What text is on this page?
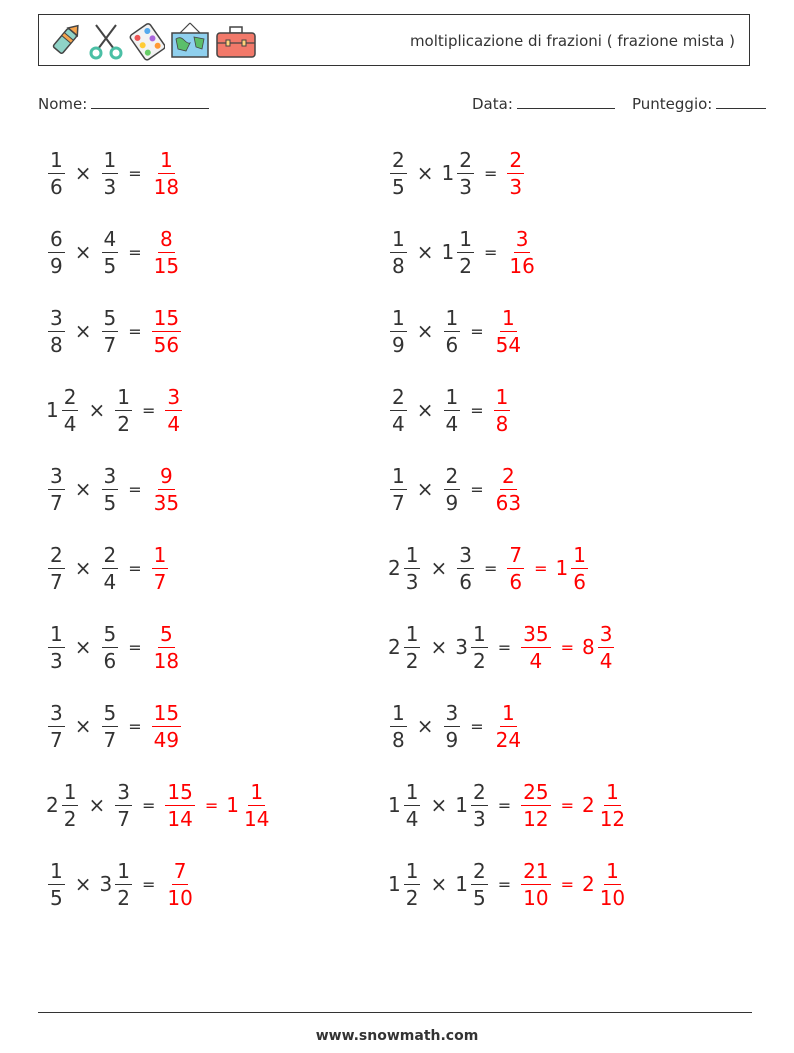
moltiplicazione di frazioni ( frazione mista )
Nome:	Data:	Punteggio:
$\frac{1}{6} \times \frac{1}{3} = \frac{1}{18}$	$\frac{2}{5} \times 1 \frac{2}{3} = \frac{2}{3}$
$\frac{6}{9} \times \frac{4}{5} = \frac{8}{15}$	$\frac{1}{8} \times 1 \frac{1}{2} = \frac{3}{16}$
$\frac{3}{8} \times \frac{5}{7} = \frac{15}{56}$	$\frac{1}{9} \times \frac{1}{6} = \frac{1}{54}$
$1 \frac{2}{4} \times \frac{1}{2} = \frac{3}{4}$	$\frac{2}{4} \times \frac{1}{4} = \frac{1}{8}$
$\frac{3}{7} \times \frac{3}{5} = \frac{9}{35}$	$\frac{1}{7} \times \frac{2}{9} = \frac{2}{63}$
$\frac{2}{7} \times \frac{2}{4} = \frac{1}{7}$	$2 \frac{1}{3} \times \frac{3}{6} = \frac{7}{6} = 1 \frac{1}{6}$
$\frac{1}{3} \times \frac{5}{6} = \frac{5}{18}$	$2 \frac{1}{2} \times 3 \frac{1}{2} = \frac{35}{4} = 8 \frac{3}{4}$
$\frac{3}{7} \times \frac{5}{7} = \frac{15}{49}$	$\frac{1}{8} \times \frac{3}{9} = \frac{1}{24}$
$2 \frac{1}{2} \times \frac{3}{7} = \frac{15}{14} = 1 \frac{1}{14}$	$1 \frac{1}{4} \times 1 \frac{2}{3} = \frac{25}{12} = 2 \frac{1}{12}$
$\frac{1}{5} \times 3 \frac{1}{2} = \frac{7}{10}$	$1 \frac{1}{2} \times 1 \frac{2}{5} = \frac{21}{10} = 2 \frac{1}{10}$
www.snowmath.com
